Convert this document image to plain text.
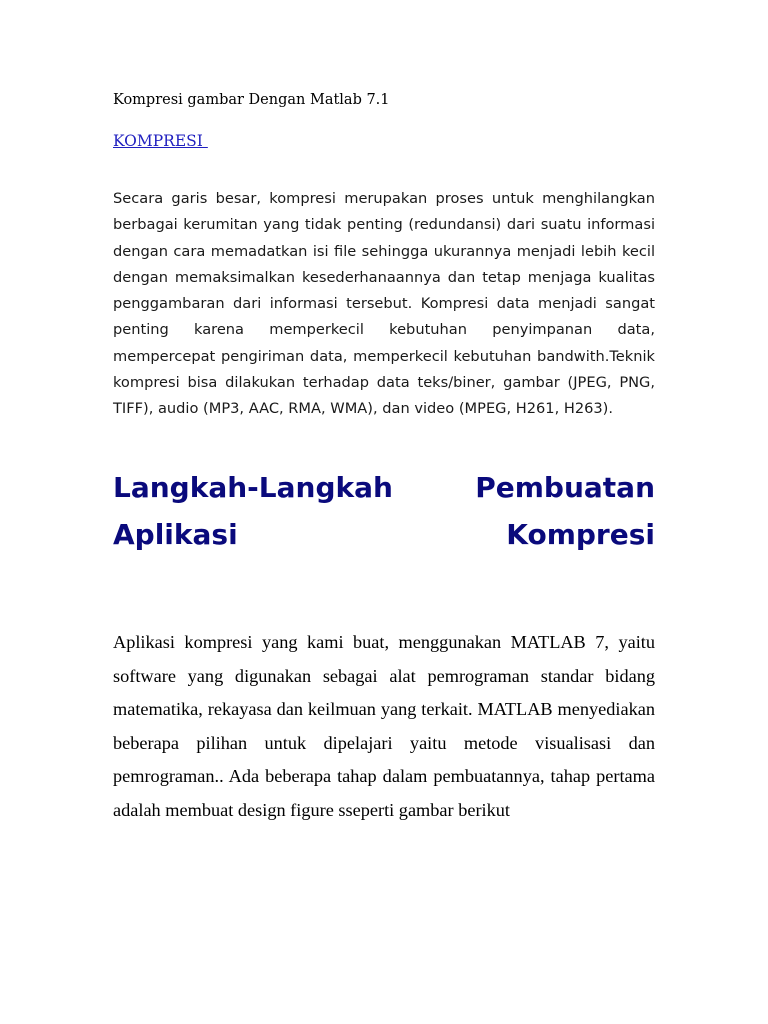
Kompresi gambar Dengan Matlab 7.1
KOMPRESI

Secara garis besar, kompresi merupakan proses untuk menghilangkan berbagai kerumitan yang tidak penting (redundansi) dari suatu informasi dengan cara memadatkan isi file sehingga ukurannya menjadi lebih kecil dengan memaksimalkan kesederhanaannya dan tetap menjaga kualitas penggambaran dari informasi tersebut. Kompresi data menjadi sangat penting karena memperkecil kebutuhan penyimpanan data, mempercepat pengiriman data, memperkecil kebutuhan bandwith.Teknik kompresi bisa dilakukan terhadap data teks/biner, gambar (JPEG, PNG, TIFF), audio (MP3, AAC, RMA, WMA), dan video (MPEG, H261, H263).

Langkah-Langkah Pembuatan Aplikasi Kompresi

Aplikasi kompresi yang kami buat, menggunakan MATLAB 7, yaitu software yang digunakan sebagai alat pemrograman standar bidang matematika, rekayasa dan keilmuan yang terkait. MATLAB menyediakan beberapa pilihan untuk dipelajari yaitu metode visualisasi dan pemrograman.. Ada beberapa tahap dalam pembuatannya, tahap pertama adalah membuat design figure sseperti gambar berikut
